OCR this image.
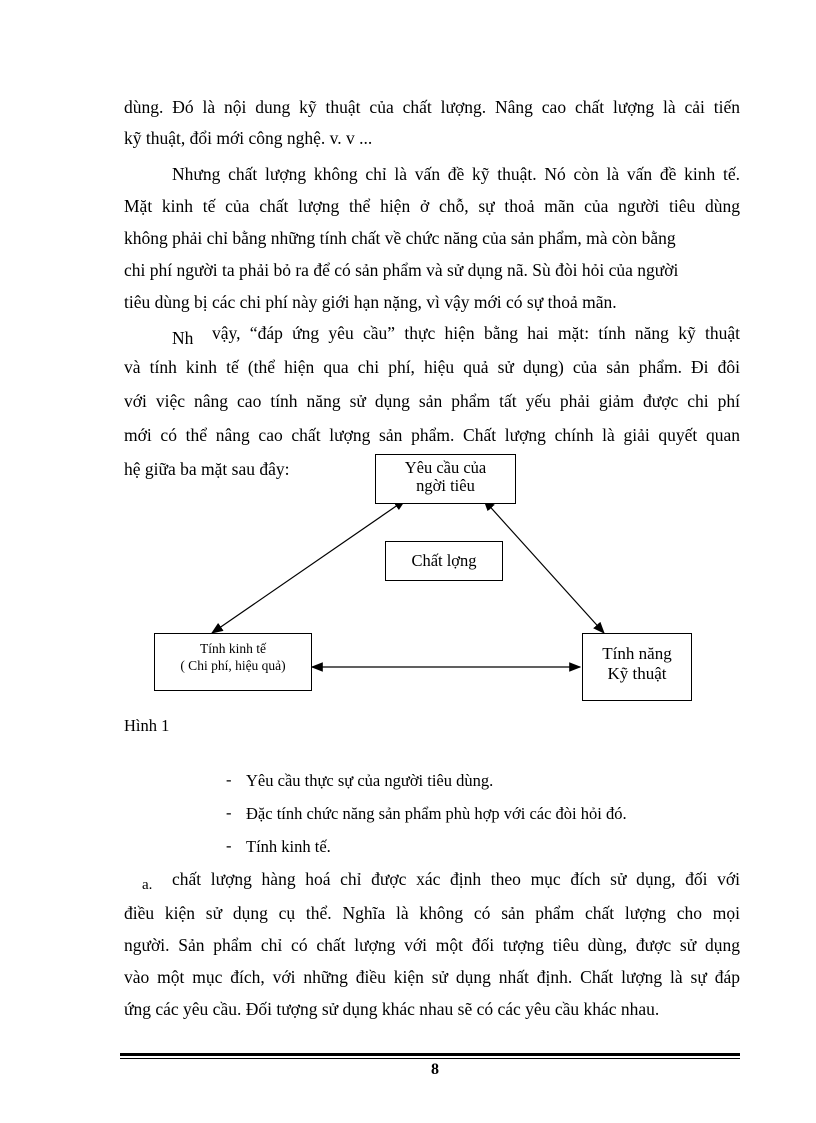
dùng. Đó là nội dung kỹ thuật của chất lượng. Nâng cao chất lượng là cải tiến
kỹ thuật, đổi mới công nghệ. v. v ...
Nhưng chất lượng không chỉ là vấn đề kỹ thuật. Nó còn là vấn đề kinh tế.
Mặt kinh tế của chất lượng thể hiện ở chỗ, sự thoả mãn của người tiêu dùng
không phải chỉ bằng những tính chất về chức năng của sản phẩm, mà còn bằng
chi phí người ta phải bỏ ra để có sản phẩm và sử dụng nã. Sù đòi hỏi của người
tiêu dùng bị các chi phí này giới hạn nặng, vì vậy mới có sự thoả mãn.
Nh	vậy, “đáp ứng yêu cầu” thực hiện bằng hai mặt: tính năng kỹ thuật
và tính kinh tế (thể hiện qua chi phí, hiệu quả sử dụng) của sản phẩm. Đi đôi
với việc nâng cao tính năng sử dụng sản phẩm tất yếu phải giảm được chi phí
mới có thể nâng cao chất lượng sản phẩm. Chất lượng chính là giải quyết quan
hệ giữa ba mặt sau đây:	Yêu cầu của
ngời tiêu
Chất lợng
Tính kinh tế
( Chi phí, hiệu quả)
Tính năng
Kỹ thuật
Hình 1
- Yêu cầu thực sự của người tiêu dùng.
- Đặc tính chức năng sản phẩm phù hợp với các đòi hỏi đó.
- Tính kinh tế.
a.	chất lượng hàng hoá chỉ được xác định theo mục đích sử dụng, đối với
điều kiện sử dụng cụ thể. Nghĩa là không có sản phẩm chất lượng cho mọi
người. Sản phẩm chỉ có chất lượng với một đối tượng tiêu dùng, được sử dụng
vào một mục đích, với những điều kiện sử dụng nhất định. Chất lượng là sự đáp
ứng các yêu cầu. Đối tượng sử dụng khác nhau sẽ có các yêu cầu khác nhau.
8
